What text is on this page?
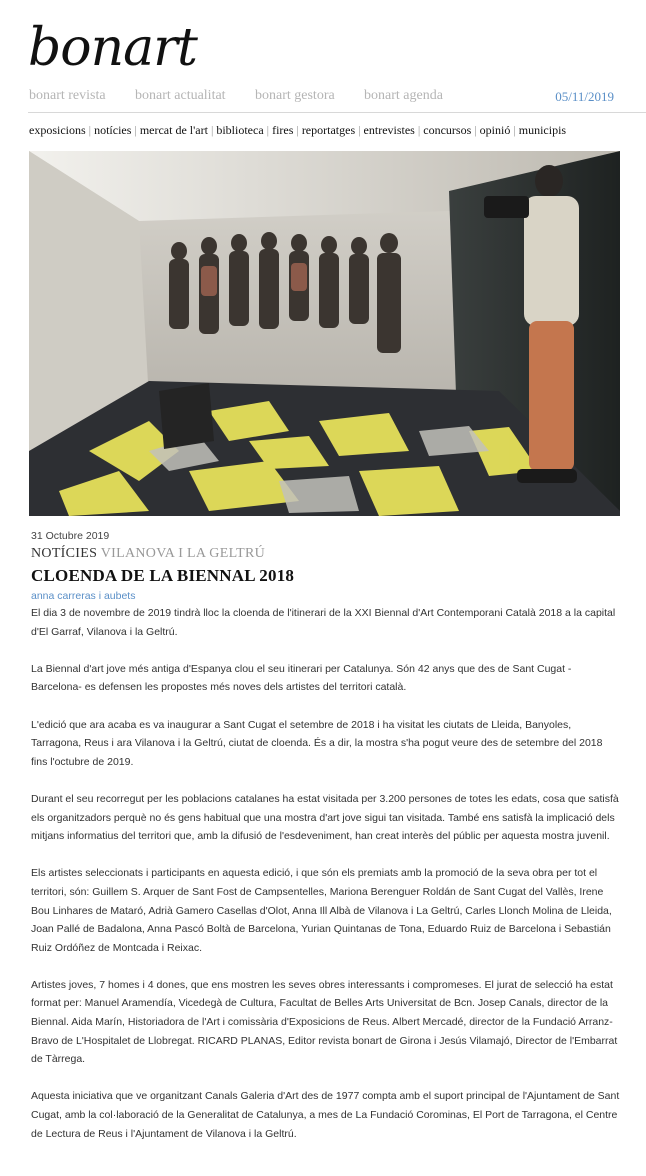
bonart
bonart revista bonart actualitat bonart gestora bonart agenda	05/11/2019
exposicions | notícies | mercat de l'art | biblioteca | fires | reportatges | entrevistes | concursos | opinió | municipis
31 Octubre 2019
NOTÍCIES VILANOVA I LA GELTRÚ
CLOENDA DE LA BIENNAL 2018
anna carreras i aubets

El dia 3 de novembre de 2019 tindrà lloc la cloenda de l'itinerari de la XXI Biennal d'Art Contemporani Català 2018 a la capital d'El Garraf, Vilanova i la Geltrú.

La Biennal d'art jove més antiga d'Espanya clou el seu itinerari per Catalunya. Són 42 anys que des de Sant Cugat -Barcelona- es defensen les propostes més noves dels artistes del territori català.

L'edició que ara acaba es va inaugurar a Sant Cugat el setembre de 2018 i ha visitat les ciutats de Lleida, Banyoles, Tarragona, Reus i ara Vilanova i la Geltrú, ciutat de cloenda. És a dir, la mostra s'ha pogut veure des de setembre del 2018 fins l'octubre de 2019.

Durant el seu recorregut per les poblacions catalanes ha estat visitada per 3.200 persones de totes les edats, cosa que satisfà els organitzadors perquè no és gens habitual que una mostra d'art jove sigui tan visitada. També ens satisfà la implicació dels mitjans informatius del territori que, amb la difusió de l'esdeveniment, han creat interès del públic per aquesta mostra juvenil.

Els artistes seleccionats i participants en aquesta edició, i que són els premiats amb la promoció de la seva obra per tot el territori, són: Guillem S. Arquer de Sant Fost de Campsentelles, Mariona Berenguer Roldán de Sant Cugat del Vallès, Irene Bou Linhares de Mataró, Adrià Gamero Casellas d'Olot, Anna Ill Albà de Vilanova i La Geltrú, Carles Llonch Molina de Lleida, Joan Pallé de Badalona, Anna Pascó Boltà de Barcelona, Yurian Quintanas de Tona, Eduardo Ruiz de Barcelona i Sebastián Ruiz Ordóñez de Montcada i Reixac.

Artistes joves, 7 homes i 4 dones, que ens mostren les seves obres interessants i compromeses. El jurat de selecció ha estat format per: Manuel Aramendía, Vicedegà de Cultura, Facultat de Belles Arts Universitat de Bcn. Josep Canals, director de la Biennal. Aida Marín, Historiadora de l'Art i comissària d'Exposicions de Reus. Albert Mercadé, director de la Fundació Arranz-Bravo de L'Hospitalet de Llobregat. RICARD PLANAS, Editor revista bonart de Girona i Jesús Vilamajó, Director de l'Embarrat de Tàrrega.

Aquesta iniciativa que ve organitzant Canals Galeria d'Art des de 1977 compta amb el suport principal de l'Ajuntament de Sant Cugat, amb la col·laboració de la Generalitat de Catalunya, a mes de La Fundació Corominas, El Port de Tarragona, el Centre de Lectura de Reus i l'Ajuntament de Vilanova i la Geltrú.
